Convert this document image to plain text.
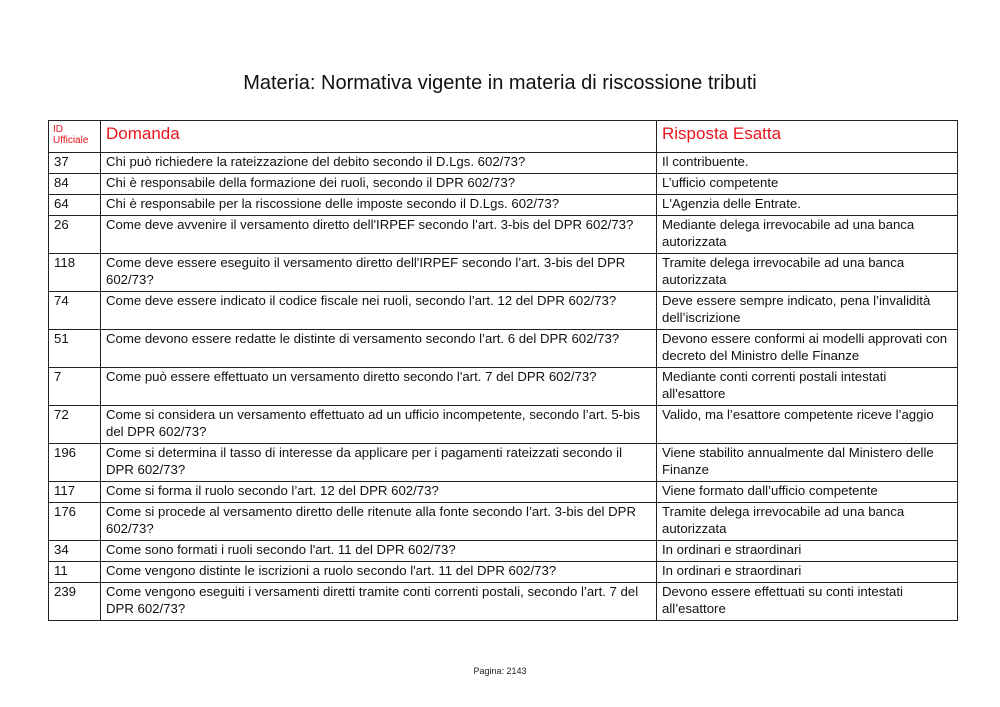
Materia: Normativa vigente in materia di riscossione tributi
ID Ufficiale	Domanda	Risposta Esatta
37	Chi può richiedere la rateizzazione del debito secondo il D.Lgs. 602/73?	Il contribuente.
84	Chi è responsabile della formazione dei ruoli, secondo il DPR 602/73?	L’ufficio competente
64	Chi è responsabile per la riscossione delle imposte secondo il D.Lgs. 602/73?	L'Agenzia delle Entrate.
26	Come deve avvenire il versamento diretto dell'IRPEF secondo l’art. 3-bis del DPR 602/73?	Mediante delega irrevocabile ad una banca autorizzata
118	Come deve essere eseguito il versamento diretto dell'IRPEF secondo l’art. 3-bis del DPR 602/73?	Tramite delega irrevocabile ad una banca autorizzata
74	Come deve essere indicato il codice fiscale nei ruoli, secondo l’art. 12 del DPR 602/73?	Deve essere sempre indicato, pena l’invalidità dell’iscrizione
51	Come devono essere redatte le distinte di versamento secondo l’art. 6 del DPR 602/73?	Devono essere conformi ai modelli approvati con decreto del Ministro delle Finanze
7	Come può essere effettuato un versamento diretto secondo l'art. 7 del DPR 602/73?	Mediante conti correnti postali intestati all'esattore
72	Come si considera un versamento effettuato ad un ufficio incompetente, secondo l’art. 5-bis del DPR 602/73?	Valido, ma l’esattore competente riceve l’aggio
196	Come si determina il tasso di interesse da applicare per i pagamenti rateizzati secondo il DPR 602/73?	Viene stabilito annualmente dal Ministero delle Finanze
117	Come si forma il ruolo secondo l’art. 12 del DPR 602/73?	Viene formato dall’ufficio competente
176	Come si procede al versamento diretto delle ritenute alla fonte secondo l’art. 3-bis del DPR 602/73?	Tramite delega irrevocabile ad una banca autorizzata
34	Come sono formati i ruoli secondo l'art. 11 del DPR 602/73?	In ordinari e straordinari
11	Come vengono distinte le iscrizioni a ruolo secondo l'art. 11 del DPR 602/73?	In ordinari e straordinari
239	Come vengono eseguiti i versamenti diretti tramite conti correnti postali, secondo l’art. 7 del DPR 602/73?	Devono essere effettuati su conti intestati all’esattore
Pagina: 2143
